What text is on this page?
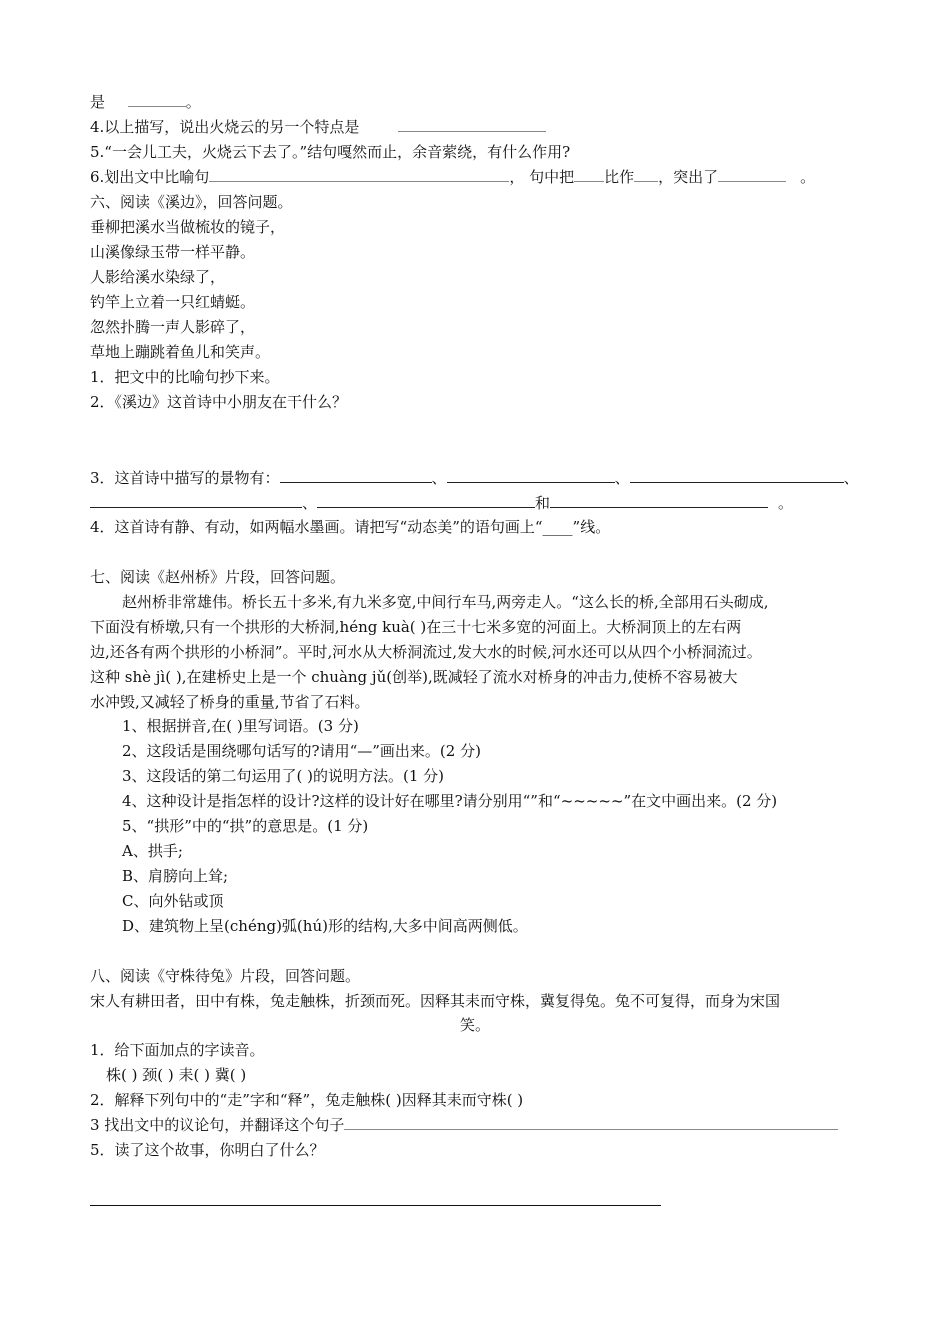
是	。
4.以上描写，说出火烧云的另一个特点是
5.“一会儿工夫，火烧云下去了。”结句嘎然而止，余音萦绕，有什么作用?
6.划出文中比喻句	， 句中把 比作 ，突出了	。
六、阅读《溪边》，回答问题。
垂柳把溪水当做梳妆的镜子，
山溪像绿玉带一样平静。
人影给溪水染绿了，
钓竿上立着一只红蜻蜓。
忽然扑腾一声人影碎了，
草地上蹦跳着鱼儿和笑声。
1．把文中的比喻句抄下来。
2．《溪边》这首诗中小朋友在干什么？
3．这首诗中描写的景物有：	、	、	、
、	和	。
4．这首诗有静、有动，如两幅水墨画。请把写“动态美”的语句画上“____”线。
七、阅读《赵州桥》片段，回答问题。
赵州桥非常雄伟。桥长五十多米,有九米多宽,中间行车马,两旁走人。“这么长的桥,全部用石头砌成,
下面没有桥墩,只有一个拱形的大桥洞,héng kuà( )在三十七米多宽的河面上。大桥洞顶上的左右两
边,还各有两个拱形的小桥洞”。平时,河水从大桥洞流过,发大水的时候,河水还可以从四个小桥洞流过。
这种 shè jì( ),在建桥史上是一个 chuàng jǔ(创举),既减轻了流水对桥身的冲击力,使桥不容易被大
水冲毁,又减轻了桥身的重量,节省了石料。
1、根据拼音,在( )里写词语。(3 分)
2、这段话是围绕哪句话写的?请用“—”画出来。(2 分)
3、这段话的第二句运用了( )的说明方法。(1 分)
4、这种设计是指怎样的设计?这样的设计好在哪里?请分别用“”和“~~~~~”在文中画出来。(2 分)
5、“拱形”中的“拱”的意思是。(1 分)
A、拱手;
B、肩膀向上耸;
C、向外钻或顶
D、建筑物上呈(chéng)弧(hú)形的结构,大多中间高两侧低。
八、阅读《守株待兔》片段，回答问题。
宋人有耕田者，田中有株，兔走触株，折颈而死。因释其耒而守株，冀复得兔。兔不可复得，而身为宋国
笑。
1．给下面加点的字读音。
株( ) 颈( ) 耒( ) 冀( )
2．解释下列句中的“走”字和“释”，兔走触株( )因释其耒而守株( )
3 找出文中的议论句，并翻译这个句子
5．读了这个故事，你明白了什么？
